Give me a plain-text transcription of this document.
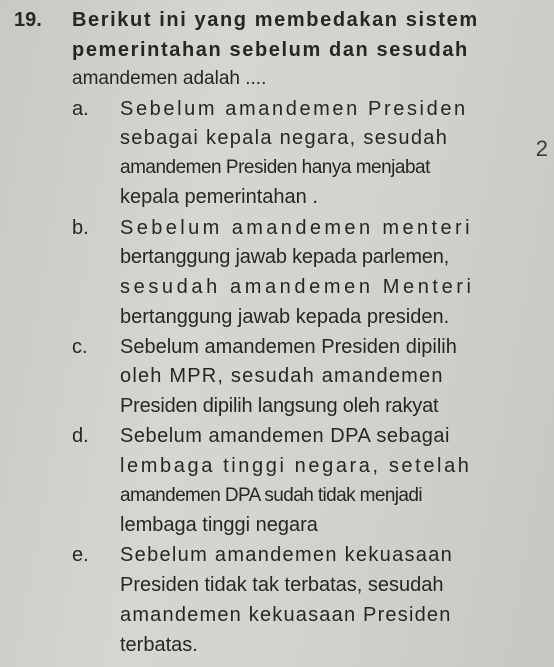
19. Berikut ini yang membedakan sistem
pemerintahan sebelum dan sesudah
amandemen adalah ....
2
a. Sebelum amandemen Presiden
sebagai kepala negara, sesudah
amandemen Presiden hanya menjabat
kepala pemerintahan .
b. Sebelum amandemen menteri
bertanggung jawab kepada parlemen,
sesudah amandemen Menteri
bertanggung jawab kepada presiden.
c. Sebelum amandemen Presiden dipilih
oleh MPR, sesudah amandemen
Presiden dipilih langsung oleh rakyat
d. Sebelum amandemen DPA sebagai
lembaga tinggi negara, setelah
amandemen DPA sudah tidak menjadi
lembaga tinggi negara
e. Sebelum amandemen kekuasaan
Presiden tidak tak terbatas, sesudah
amandemen kekuasaan Presiden
terbatas.
